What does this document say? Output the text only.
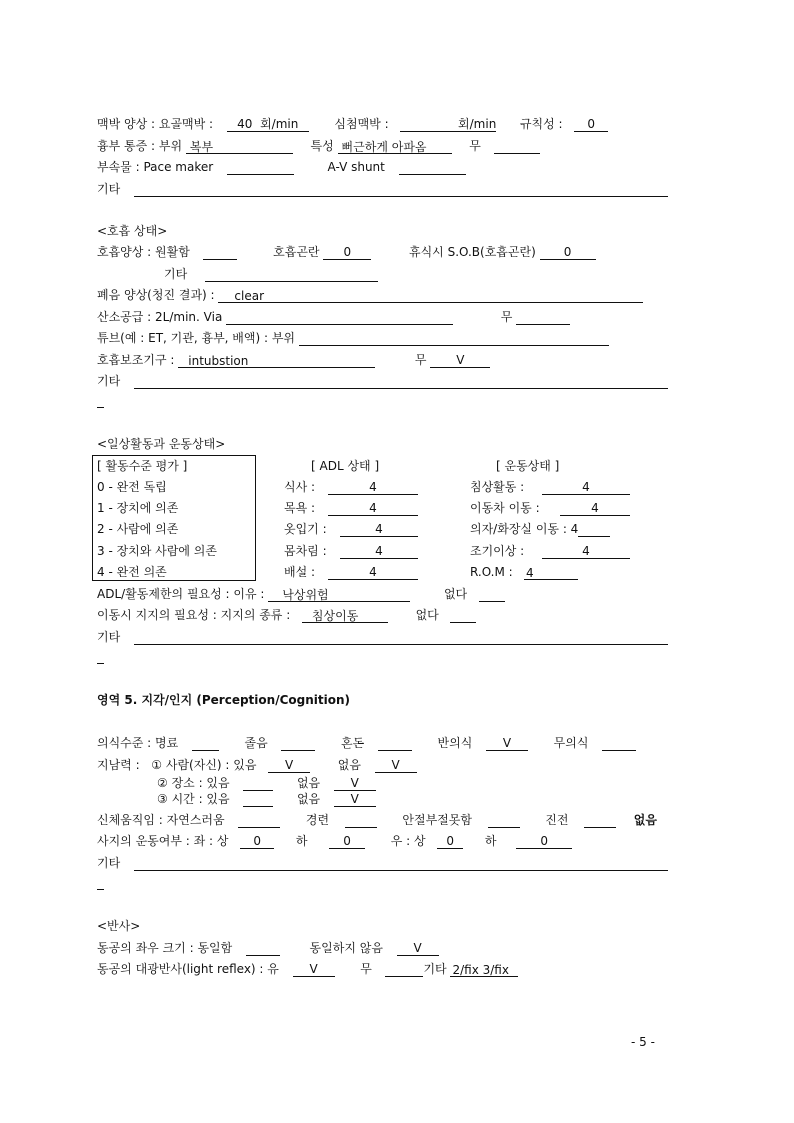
맥박 양상 : 요골맥박 : 40 회/min	심첨맥박 :	회/min 규칙성 : 0
흉부 통증 : 부위 복부	특성 뻐근하게 아파옴	무
부속물 : Pace maker	A-V shunt
기타
<호흡 상태>
호흡양상 : 원활함	호흡곤란 0	휴식시 S.O.B(호흡곤란) 0
기타
폐음 양상(청진 결과) : clear
산소공급 : 2L/min. Via	무
튜브(예 : ET, 기관, 흉부, 배액) : 부위
호흡보조기구 : intubstion	무 V
기타
<일상활동과 운동상태>
[ 활동수준 평가 ]
0 - 완전 독립
1 - 장치에 의존
2 - 사람에 의존
3 - 장치와 사람에 의존
4 - 완전 의존
[ ADL 상태 ]
식사 :	4
목욕 :	4
옷입기 :	4
몸차림 :	4
배설 :	4
[ 운동상태 ]
침상활동 :	4
이동차 이동 :	4
의자/화장실 이동 : 4
조기이상 :	4
R.O.M : 4
ADL/활동제한의 필요성 : 이유 : 낙상위험	없다
이동시 지지의 필요성 : 지지의 종류 : 침상이동	없다
기타
영역 5. 지각/인지 (Perception/Cognition)
의식수준 : 명료	졸음	혼돈	반의식	V	무의식
지남력 : ① 사람(자신) : 있음 V	없음	V
② 장소 : 있음	없음	V
③ 시간 : 있음	없음	V
신체움직임 : 자연스러움	경련	안절부절못함	진전	없음
사지의 운동여부 : 좌 : 상 0	하	0	우 : 상 0	하	0
기타
<반사>
동공의 좌우 크기 : 동일함	동일하지 않음	V
동공의 대광반사(light reflex) : 유	V	무	기타 2/fix 3/fix
- 5 -
